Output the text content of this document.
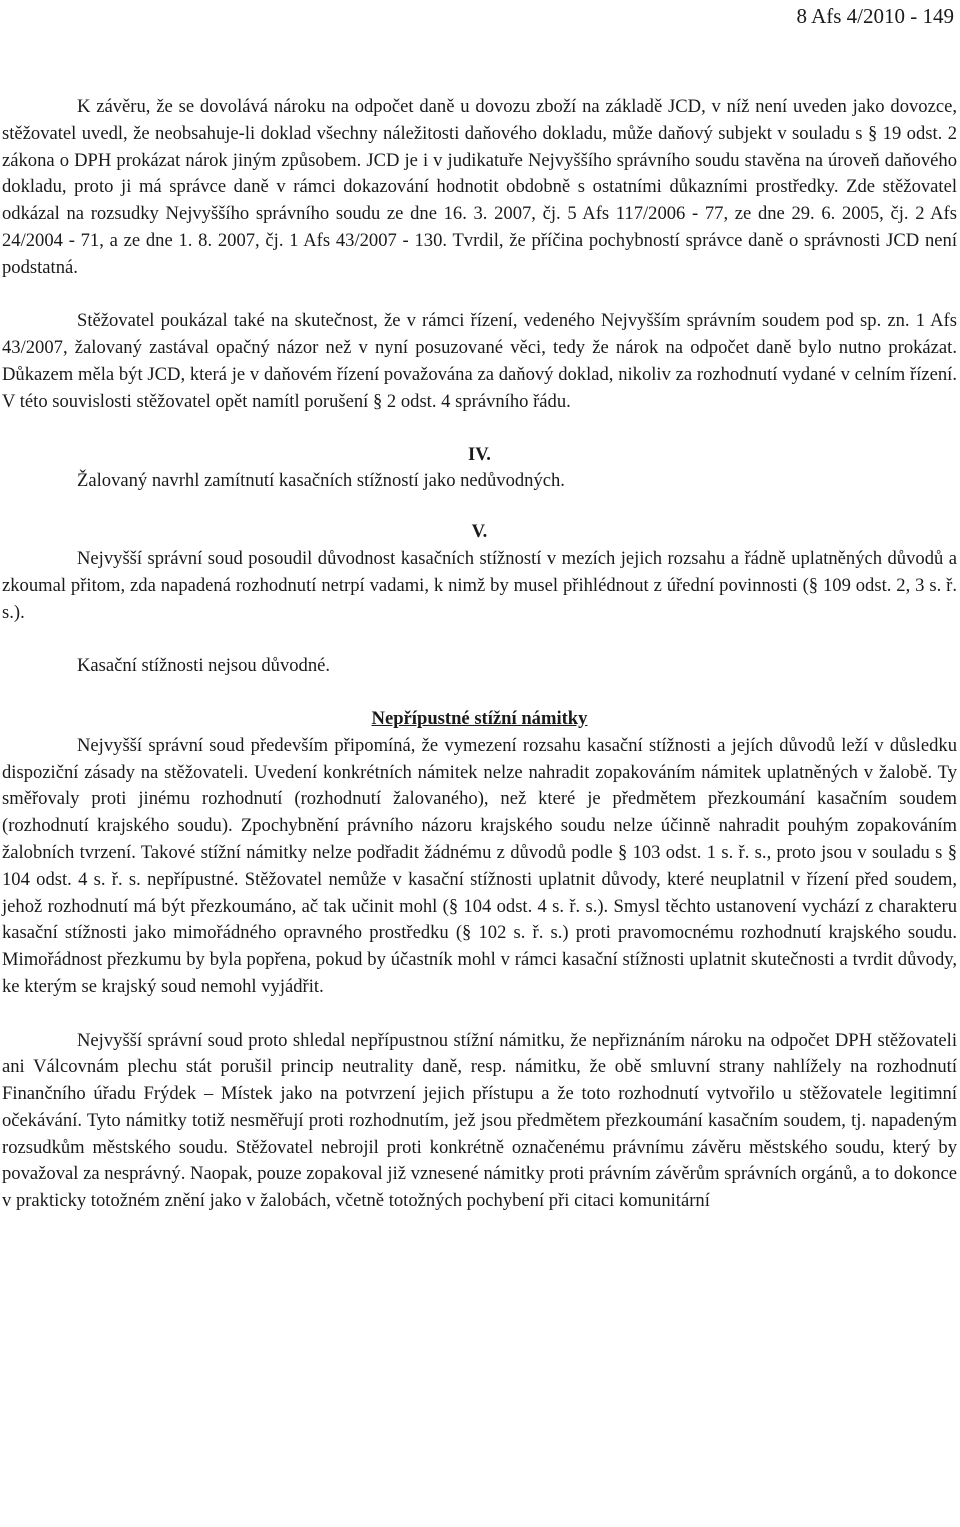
8 Afs 4/2010 - 149

K závěru, že se dovolává nároku na odpočet daně u dovozu zboží na základě JCD, v níž není uveden jako dovozce, stěžovatel uvedl, že neobsahuje-li doklad všechny náležitosti daňového dokladu, může daňový subjekt v souladu s § 19 odst. 2 zákona o DPH prokázat nárok jiným způsobem. JCD je i v judikatuře Nejvyššího správního soudu stavěna na úroveň daňového dokladu, proto ji má správce daně v rámci dokazování hodnotit obdobně s ostatními důkazními prostředky. Zde stěžovatel odkázal na rozsudky Nejvyššího správního soudu ze dne 16. 3. 2007, čj. 5 Afs 117/2006 - 77, ze dne 29. 6. 2005, čj. 2 Afs 24/2004 - 71, a ze dne 1. 8. 2007, čj. 1 Afs 43/2007 - 130. Tvrdil, že příčina pochybností správce daně o správnosti JCD není podstatná.

Stěžovatel poukázal také na skutečnost, že v rámci řízení, vedeného Nejvyšším správním soudem pod sp. zn. 1 Afs 43/2007, žalovaný zastával opačný názor než v nyní posuzované věci, tedy že nárok na odpočet daně bylo nutno prokázat. Důkazem měla být JCD, která je v daňovém řízení považována za daňový doklad, nikoliv za rozhodnutí vydané v celním řízení. V této souvislosti stěžovatel opět namítl porušení § 2 odst. 4 správního řádu.

IV.

Žalovaný navrhl zamítnutí kasačních stížností jako nedůvodných.

V.

Nejvyšší správní soud posoudil důvodnost kasačních stížností v mezích jejich rozsahu a řádně uplatněných důvodů a zkoumal přitom, zda napadená rozhodnutí netrpí vadami, k nimž by musel přihlédnout z úřední povinnosti (§ 109 odst. 2, 3 s. ř. s.).

Kasační stížnosti nejsou důvodné.

Nepřípustné stížní námitky

Nejvyšší správní soud především připomíná, že vymezení rozsahu kasační stížnosti a jejích důvodů leží v důsledku dispoziční zásady na stěžovateli. Uvedení konkrétních námitek nelze nahradit zopakováním námitek uplatněných v žalobě. Ty směřovaly proti jinému rozhodnutí (rozhodnutí žalovaného), než které je předmětem přezkoumání kasačním soudem (rozhodnutí krajského soudu). Zpochybnění právního názoru krajského soudu nelze účinně nahradit pouhým zopakováním žalobních tvrzení. Takové stížní námitky nelze podřadit žádnému z důvodů podle § 103 odst. 1 s. ř. s., proto jsou v souladu s § 104 odst. 4 s. ř. s. nepřípustné. Stěžovatel nemůže v kasační stížnosti uplatnit důvody, které neuplatnil v řízení před soudem, jehož rozhodnutí má být přezkoumáno, ač tak učinit mohl (§ 104 odst. 4 s. ř. s.). Smysl těchto ustanovení vychází z charakteru kasační stížnosti jako mimořádného opravného prostředku (§ 102 s. ř. s.) proti pravomocnému rozhodnutí krajského soudu. Mimořádnost přezkumu by byla popřena, pokud by účastník mohl v rámci kasační stížnosti uplatnit skutečnosti a tvrdit důvody, ke kterým se krajský soud nemohl vyjádřit.

Nejvyšší správní soud proto shledal nepřípustnou stížní námitku, že nepřiznáním nároku na odpočet DPH stěžovateli ani Válcovnám plechu stát porušil princip neutrality daně, resp. námitku, že obě smluvní strany nahlížely na rozhodnutí Finančního úřadu Frýdek – Místek jako na potvrzení jejich přístupu a že toto rozhodnutí vytvořilo u stěžovatele legitimní očekávání. Tyto námitky totiž nesměřují proti rozhodnutím, jež jsou předmětem přezkoumání kasačním soudem, tj. napadeným rozsudkům městského soudu. Stěžovatel nebrojil proti konkrétně označenému právnímu závěru městského soudu, který by považoval za nesprávný. Naopak, pouze zopakoval již vznesené námitky proti právním závěrům správních orgánů, a to dokonce v prakticky totožném znění jako v žalobách, včetně totožných pochybení při citaci komunitární
